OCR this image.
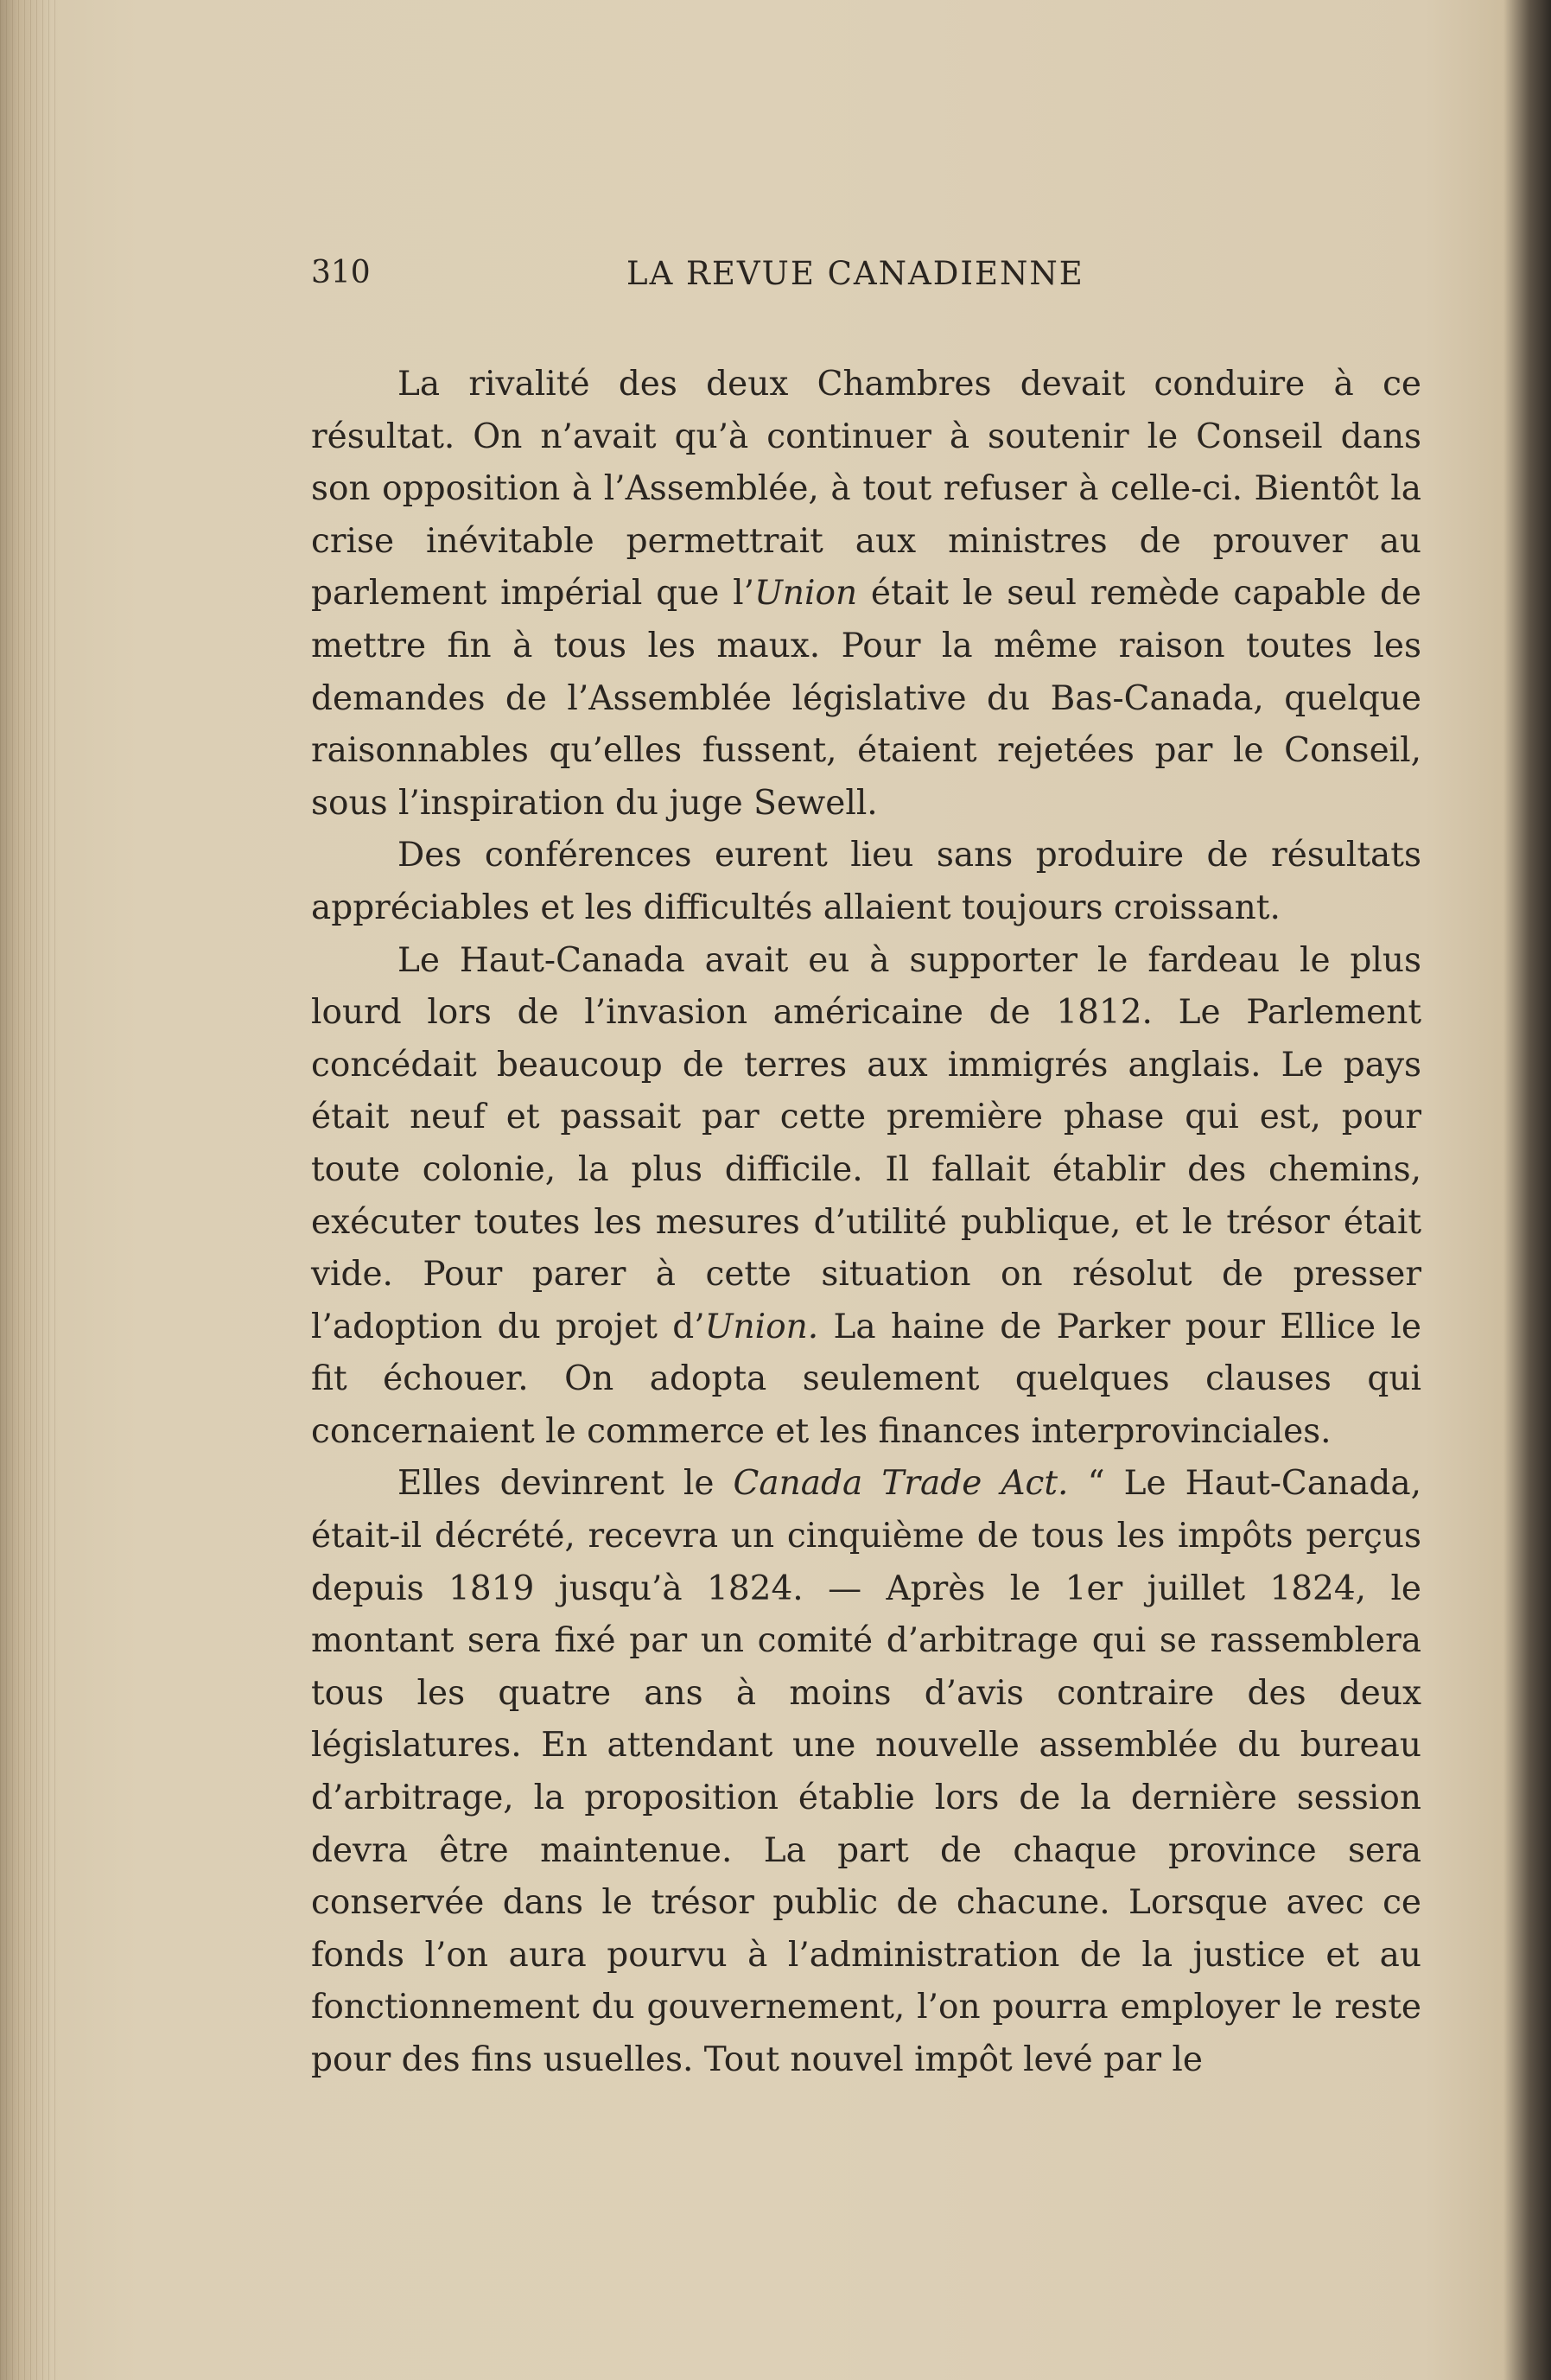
310	LA REVUE CANADIENNE

La rivalité des deux Chambres devait conduire à ce résultat. On n’avait qu’à continuer à soutenir le Conseil dans son opposition à l’Assemblée, à tout refuser à celle-ci. Bientôt la crise inévitable permettrait aux ministres de prouver au parlement impérial que l’Union était le seul remède capable de mettre fin à tous les maux. Pour la même raison toutes les demandes de l’Assemblée législative du Bas-Canada, quelque raisonnables qu’elles fussent, étaient rejetées par le Conseil, sous l’inspiration du juge Sewell.

Des conférences eurent lieu sans produire de résultats appréciables et les difficultés allaient toujours croissant.

Le Haut-Canada avait eu à supporter le fardeau le plus lourd lors de l’invasion américaine de 1812. Le Parlement concédait beaucoup de terres aux immigrés anglais. Le pays était neuf et passait par cette première phase qui est, pour toute colonie, la plus difficile. Il fallait établir des chemins, exécuter toutes les mesures d’utilité publique, et le trésor était vide. Pour parer à cette situation on résolut de presser l’adoption du projet d’Union. La haine de Parker pour Ellice le fit échouer. On adopta seulement quelques clauses qui concernaient le commerce et les finances interprovinciales.

Elles devinrent le Canada Trade Act. “ Le Haut-Canada, était-il décrété, recevra un cinquième de tous les impôts perçus depuis 1819 jusqu’à 1824. — Après le 1er juillet 1824, le montant sera fixé par un comité d’arbitrage qui se rassemblera tous les quatre ans à moins d’avis contraire des deux législatures. En attendant une nouvelle assemblée du bureau d’arbitrage, la proposition établie lors de la dernière session devra être maintenue. La part de chaque province sera conservée dans le trésor public de chacune. Lorsque avec ce fonds l’on aura pourvu à l’administration de la justice et au fonctionnement du gouvernement, l’on pourra employer le reste pour des fins usuelles. Tout nouvel impôt levé par le
